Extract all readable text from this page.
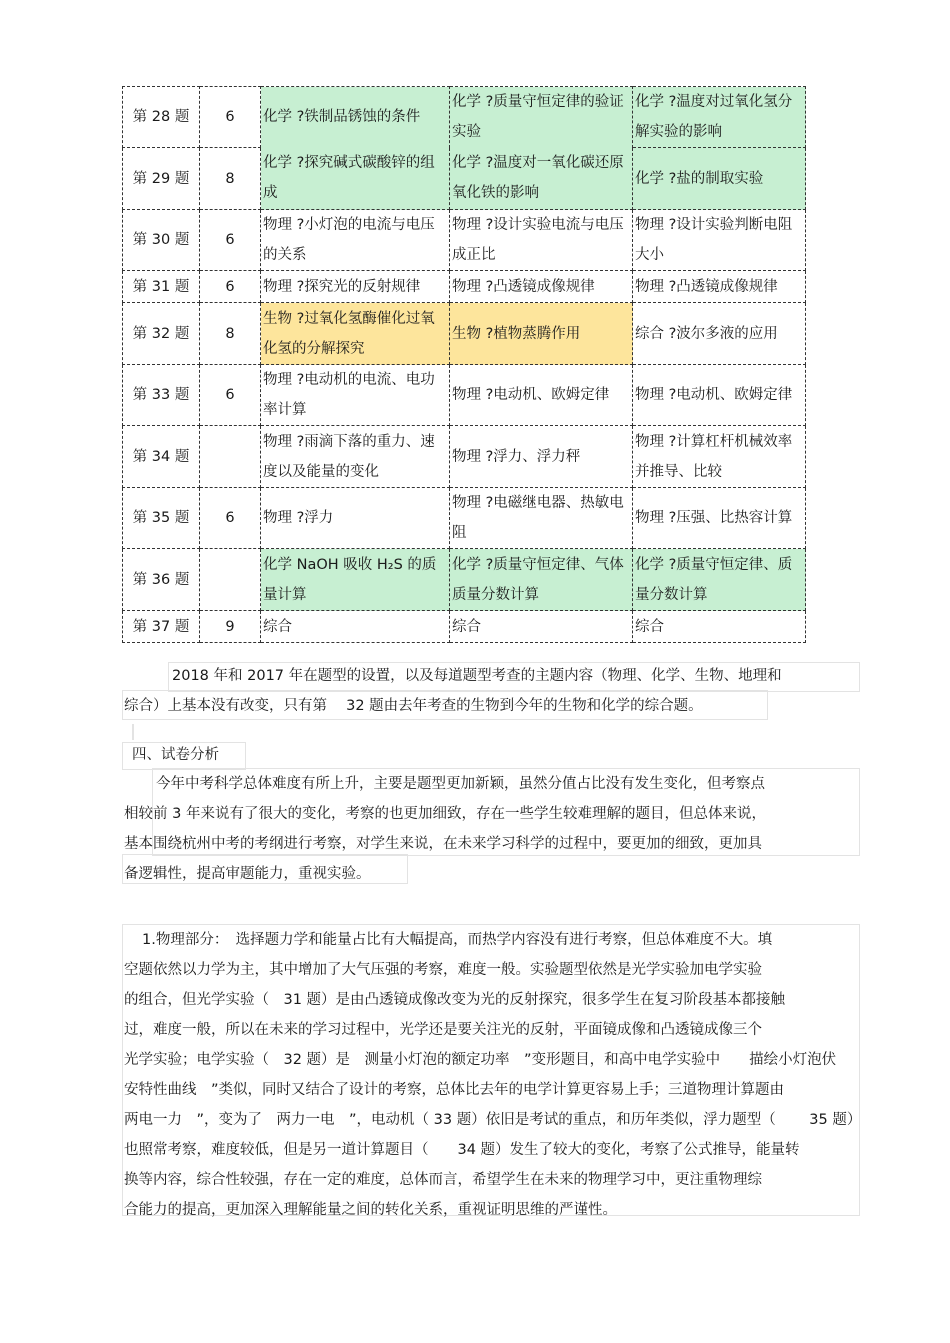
第 28 题	6	化学 ?铁制品锈蚀的条件	化学 ?质量守恒定律的验证实验	化学 ?温度对过氧化氢分解实验的影响
第 29 题	8	化学 ?探究碱式碳酸锌的组成	化学 ?温度对一氧化碳还原氧化铁的影响	化学 ?盐的制取实验
第 30 题	6	物理 ?小灯泡的电流与电压的关系	物理 ?设计实验电流与电压成正比	物理 ?设计实验判断电阻大小
第 31 题	6	物理 ?探究光的反射规律	物理 ?凸透镜成像规律	物理 ?凸透镜成像规律
第 32 题	8	生物 ?过氧化氢酶催化过氧化氢的分解探究	生物 ?植物蒸腾作用	综合 ?波尔多液的应用
第 33 题	6	物理 ?电动机的电流、电功率计算	物理 ?电动机、欧姆定律	物理 ?电动机、欧姆定律
第 34 题		物理 ?雨滴下落的重力、速度以及能量的变化	物理 ?浮力、浮力秤	物理 ?计算杠杆机械效率并推导、比较
第 35 题	6	物理 ?浮力	物理 ?电磁继电器、热敏电阻	物理 ?压强、比热容计算
第 36 题		化学 NaOH 吸收 H₂S 的质量计算	化学 ?质量守恒定律、气体质量分数计算	化学 ?质量守恒定律、质量分数计算
第 37 题	9	综合	综合	综合
2018 年和 2017 年在题型的设置，以及每道题型考查的主题内容（物理、化学、生物、地理和
综合）上基本没有改变，只有第　 32 题由去年考查的生物到今年的生物和化学的综合题。
四、试卷分析
今年中考科学总体难度有所上升，主要是题型更加新颖，虽然分值占比没有发生变化，但考察点
相较前 3 年来说有了很大的变化，考察的也更加细致，存在一些学生较难理解的题目，但总体来说，
基本围绕杭州中考的考纲进行考察，对学生来说，在未来学习科学的过程中，要更加的细致，更加具
备逻辑性，提高审题能力，重视实验。
1.物理部分：　选择题力学和能量占比有大幅提高，而热学内容没有进行考察，但总体难度不大。填
空题依然以力学为主，其中增加了大气压强的考察，难度一般。实验题型依然是光学实验加电学实验
的组合，但光学实验（　31 题）是由凸透镜成像改变为光的反射探究，很多学生在复习阶段基本都接触
过，难度一般，所以在未来的学习过程中，光学还是要关注光的反射，平面镜成像和凸透镜成像三个
光学实验；电学实验（　32 题）是　测量小灯泡的额定功率　”变形题目，和高中电学实验中　　描绘小灯泡伏
安特性曲线　”类似，同时又结合了设计的考察，总体比去年的电学计算更容易上手；三道物理计算题由
两电一力　”，变为了　两力一电　”，电动机（ 33 题）依旧是考试的重点，和历年类似，浮力题型（　　 35 题）
也照常考察，难度较低，但是另一道计算题目（　　34 题）发生了较大的变化，考察了公式推导，能量转
换等内容，综合性较强，存在一定的难度，总体而言，希望学生在未来的物理学习中，更注重物理综
合能力的提高，更加深入理解能量之间的转化关系，重视证明思维的严谨性。
